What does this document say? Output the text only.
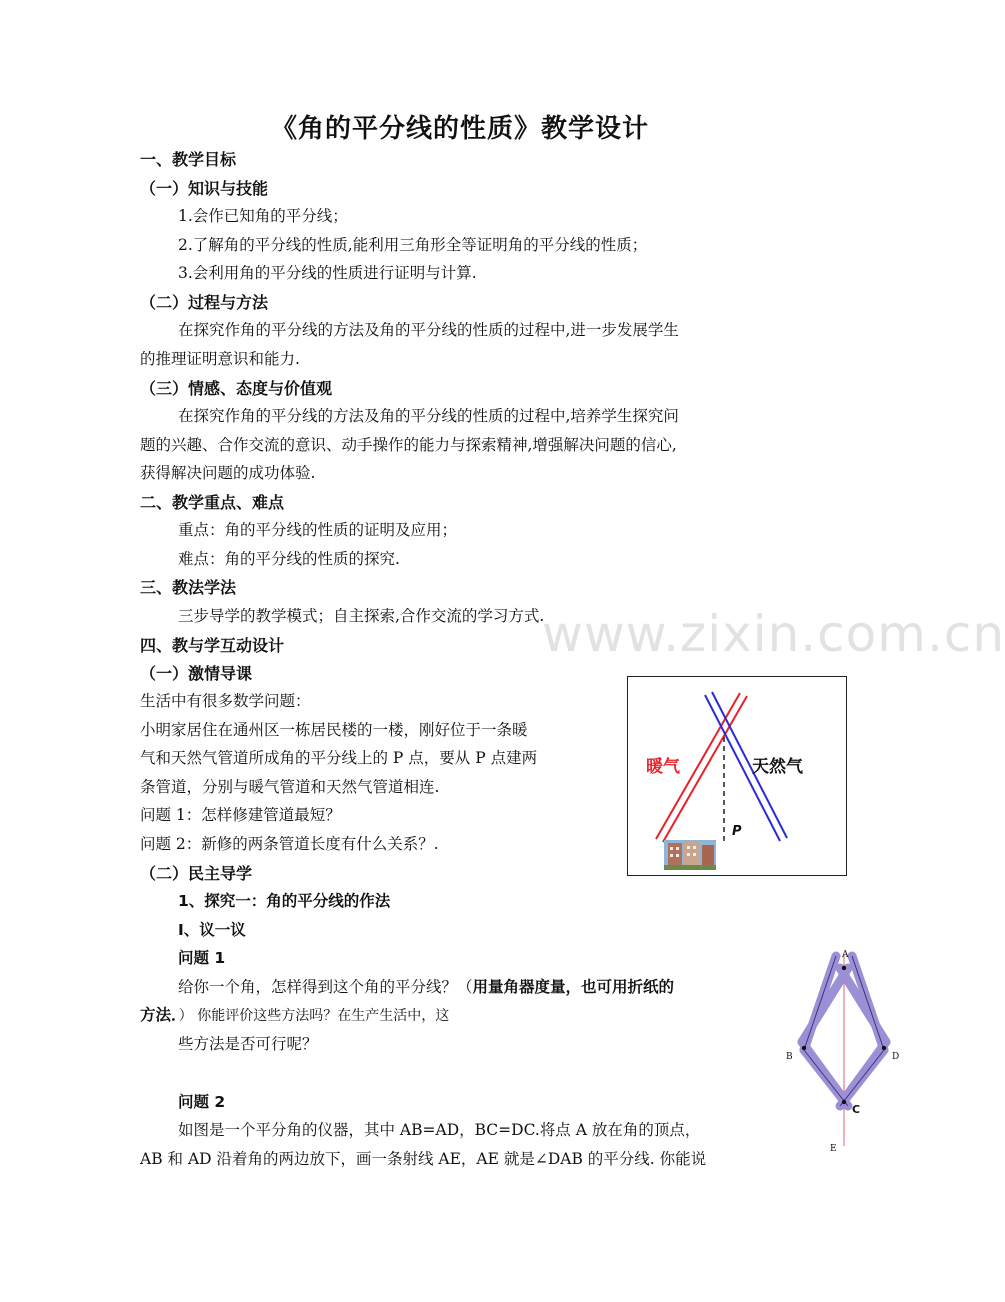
《角的平分线的性质》教学设计
一、教学目标
（一）知识与技能
1.会作已知角的平分线；
2.了解角的平分线的性质,能利用三角形全等证明角的平分线的性质；
3.会利用角的平分线的性质进行证明与计算.
（二）过程与方法
在探究作角的平分线的方法及角的平分线的性质的过程中,进一步发展学生
的推理证明意识和能力.
（三）情感、态度与价值观
在探究作角的平分线的方法及角的平分线的性质的过程中,培养学生探究问
题的兴趣、合作交流的意识、动手操作的能力与探索精神,增强解决问题的信心,
获得解决问题的成功体验.
二、教学重点、难点
重点：角的平分线的性质的证明及应用；
难点：角的平分线的性质的探究.
三、教法学法
三步导学的教学模式；自主探索,合作交流的学习方式.
www.zixin.com.cn
四、教与学互动设计
（一）激情导课
生活中有很多数学问题：
小明家居住在通州区一栋居民楼的一楼，刚好位于一条暖
气和天然气管道所成角的平分线上的 P 点，要从 P 点建两
条管道，分别与暖气管道和天然气管道相连.
问题 1：怎样修建管道最短？
问题 2：新修的两条管道长度有什么关系？.
暖气	天然气
P
（二）民主导学
1、探究一：角的平分线的作法
Ⅰ、议一议
问题 1
给你一个角，怎样得到这个角的平分线？（用量角器度量，也可用折纸的
方法．） 你能评价这些方法吗？在生产生活中，这
些方法是否可行呢？
问题 2
如图是一个平分角的仪器，其中 AB=AD，BC=DC.将点 A 放在角的顶点，
AB 和 AD 沿着角的两边放下，画一条射线 AE，AE 就是∠DAB 的平分线. 你能说
A
B	D
C
E
